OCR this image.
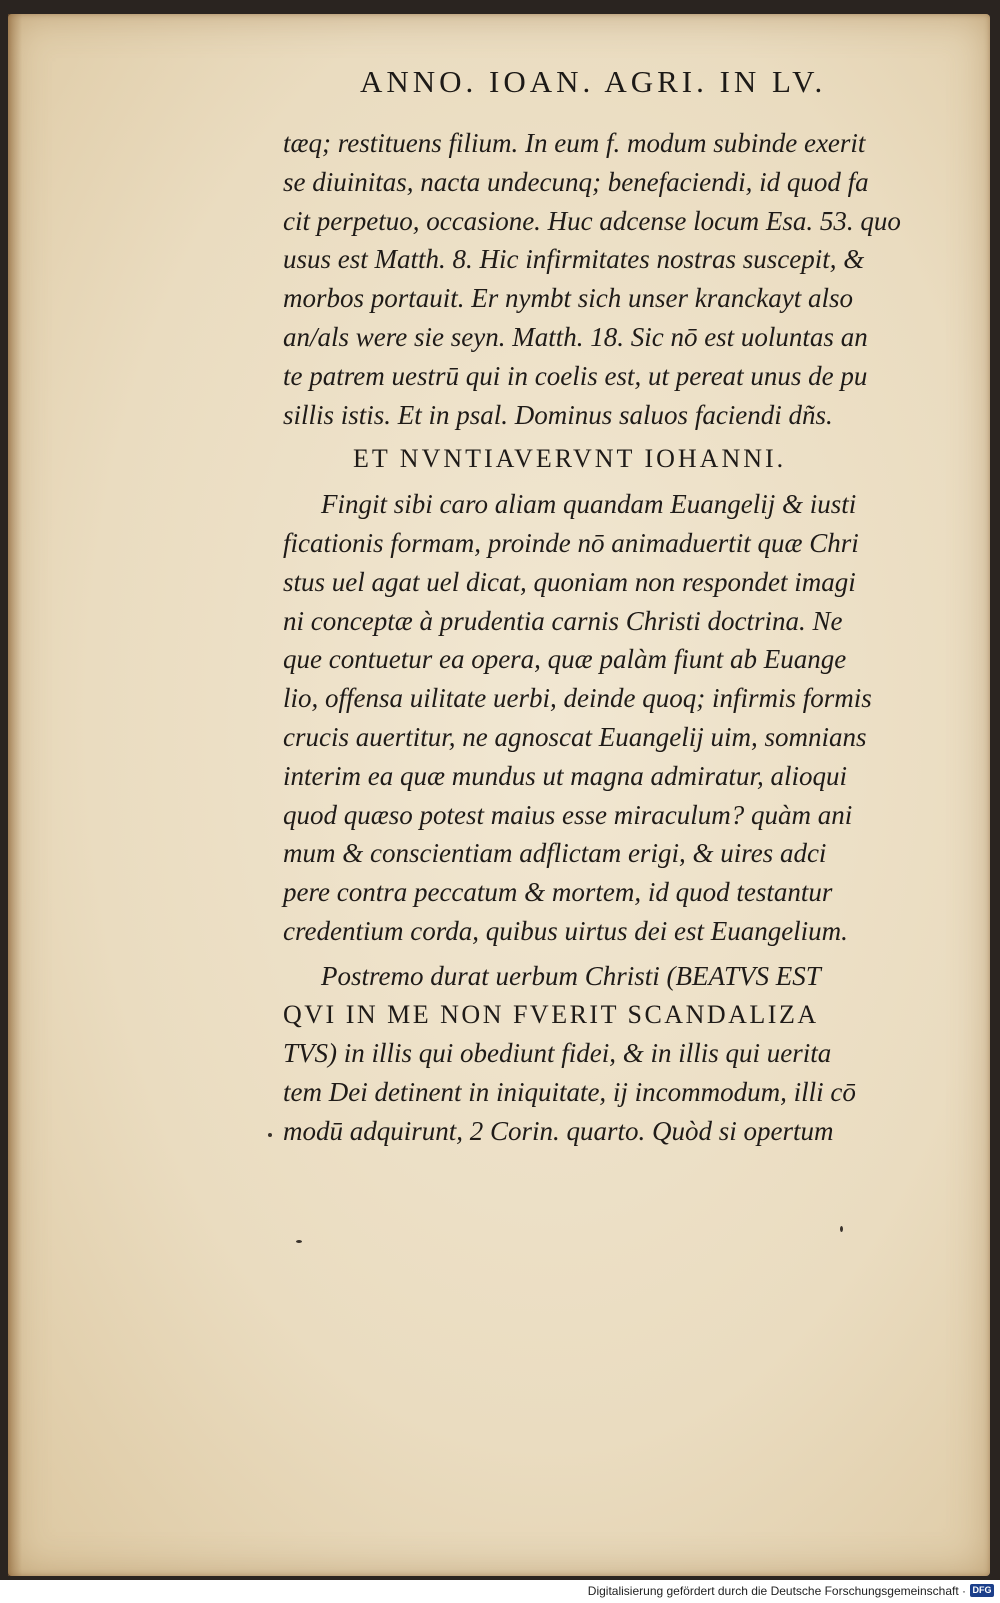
ANNO. IOAN. AGRI. IN LV.
tæq; restituens filium. In eum f. modum subinde exerit
se diuinitas, nacta undecunq; benefaciendi, id quod fa
cit perpetuo, occasione. Huc adcense locum Esa. 53. quo
usus est Matth. 8. Hic infirmitates nostras suscepit, &
morbos portauit. Er nymbt sich unser kranckayt also
an/als were sie seyn. Matth. 18. Sic nō est uoluntas an
te patrem uestrū qui in coelis est, ut pereat unus de pu
sillis istis. Et in psal. Dominus saluos faciendi dñs.
ET NVNTIAVERVNT IOHANNI.
Fingit sibi caro aliam quandam Euangelij & iusti
ficationis formam, proinde nō animaduertit quæ Chri
stus uel agat uel dicat, quoniam non respondet imagi
ni conceptæ à prudentia carnis Christi doctrina. Ne
que contuetur ea opera, quæ palàm fiunt ab Euange
lio, offensa uilitate uerbi, deinde quoq; infirmis formis
crucis auertitur, ne agnoscat Euangelij uim, somnians
interim ea quæ mundus ut magna admiratur, alioqui
quod quæso potest maius esse miraculum? quàm ani
mum & conscientiam adflictam erigi, & uires adci
pere contra peccatum & mortem, id quod testantur
credentium corda, quibus uirtus dei est Euangelium.
Postremo durat uerbum Christi (BEATVS EST
QVI IN ME NON FVERIT SCANDALIZA
TVS) in illis qui obediunt fidei, & in illis qui uerita
tem Dei detinent in iniquitate, ij incommodum, illi cō
modū adquirunt, 2 Corin. quarto. Quòd si opertum
Digitalisierung gefördert durch die Deutsche Forschungsgemeinschaft · DFG
